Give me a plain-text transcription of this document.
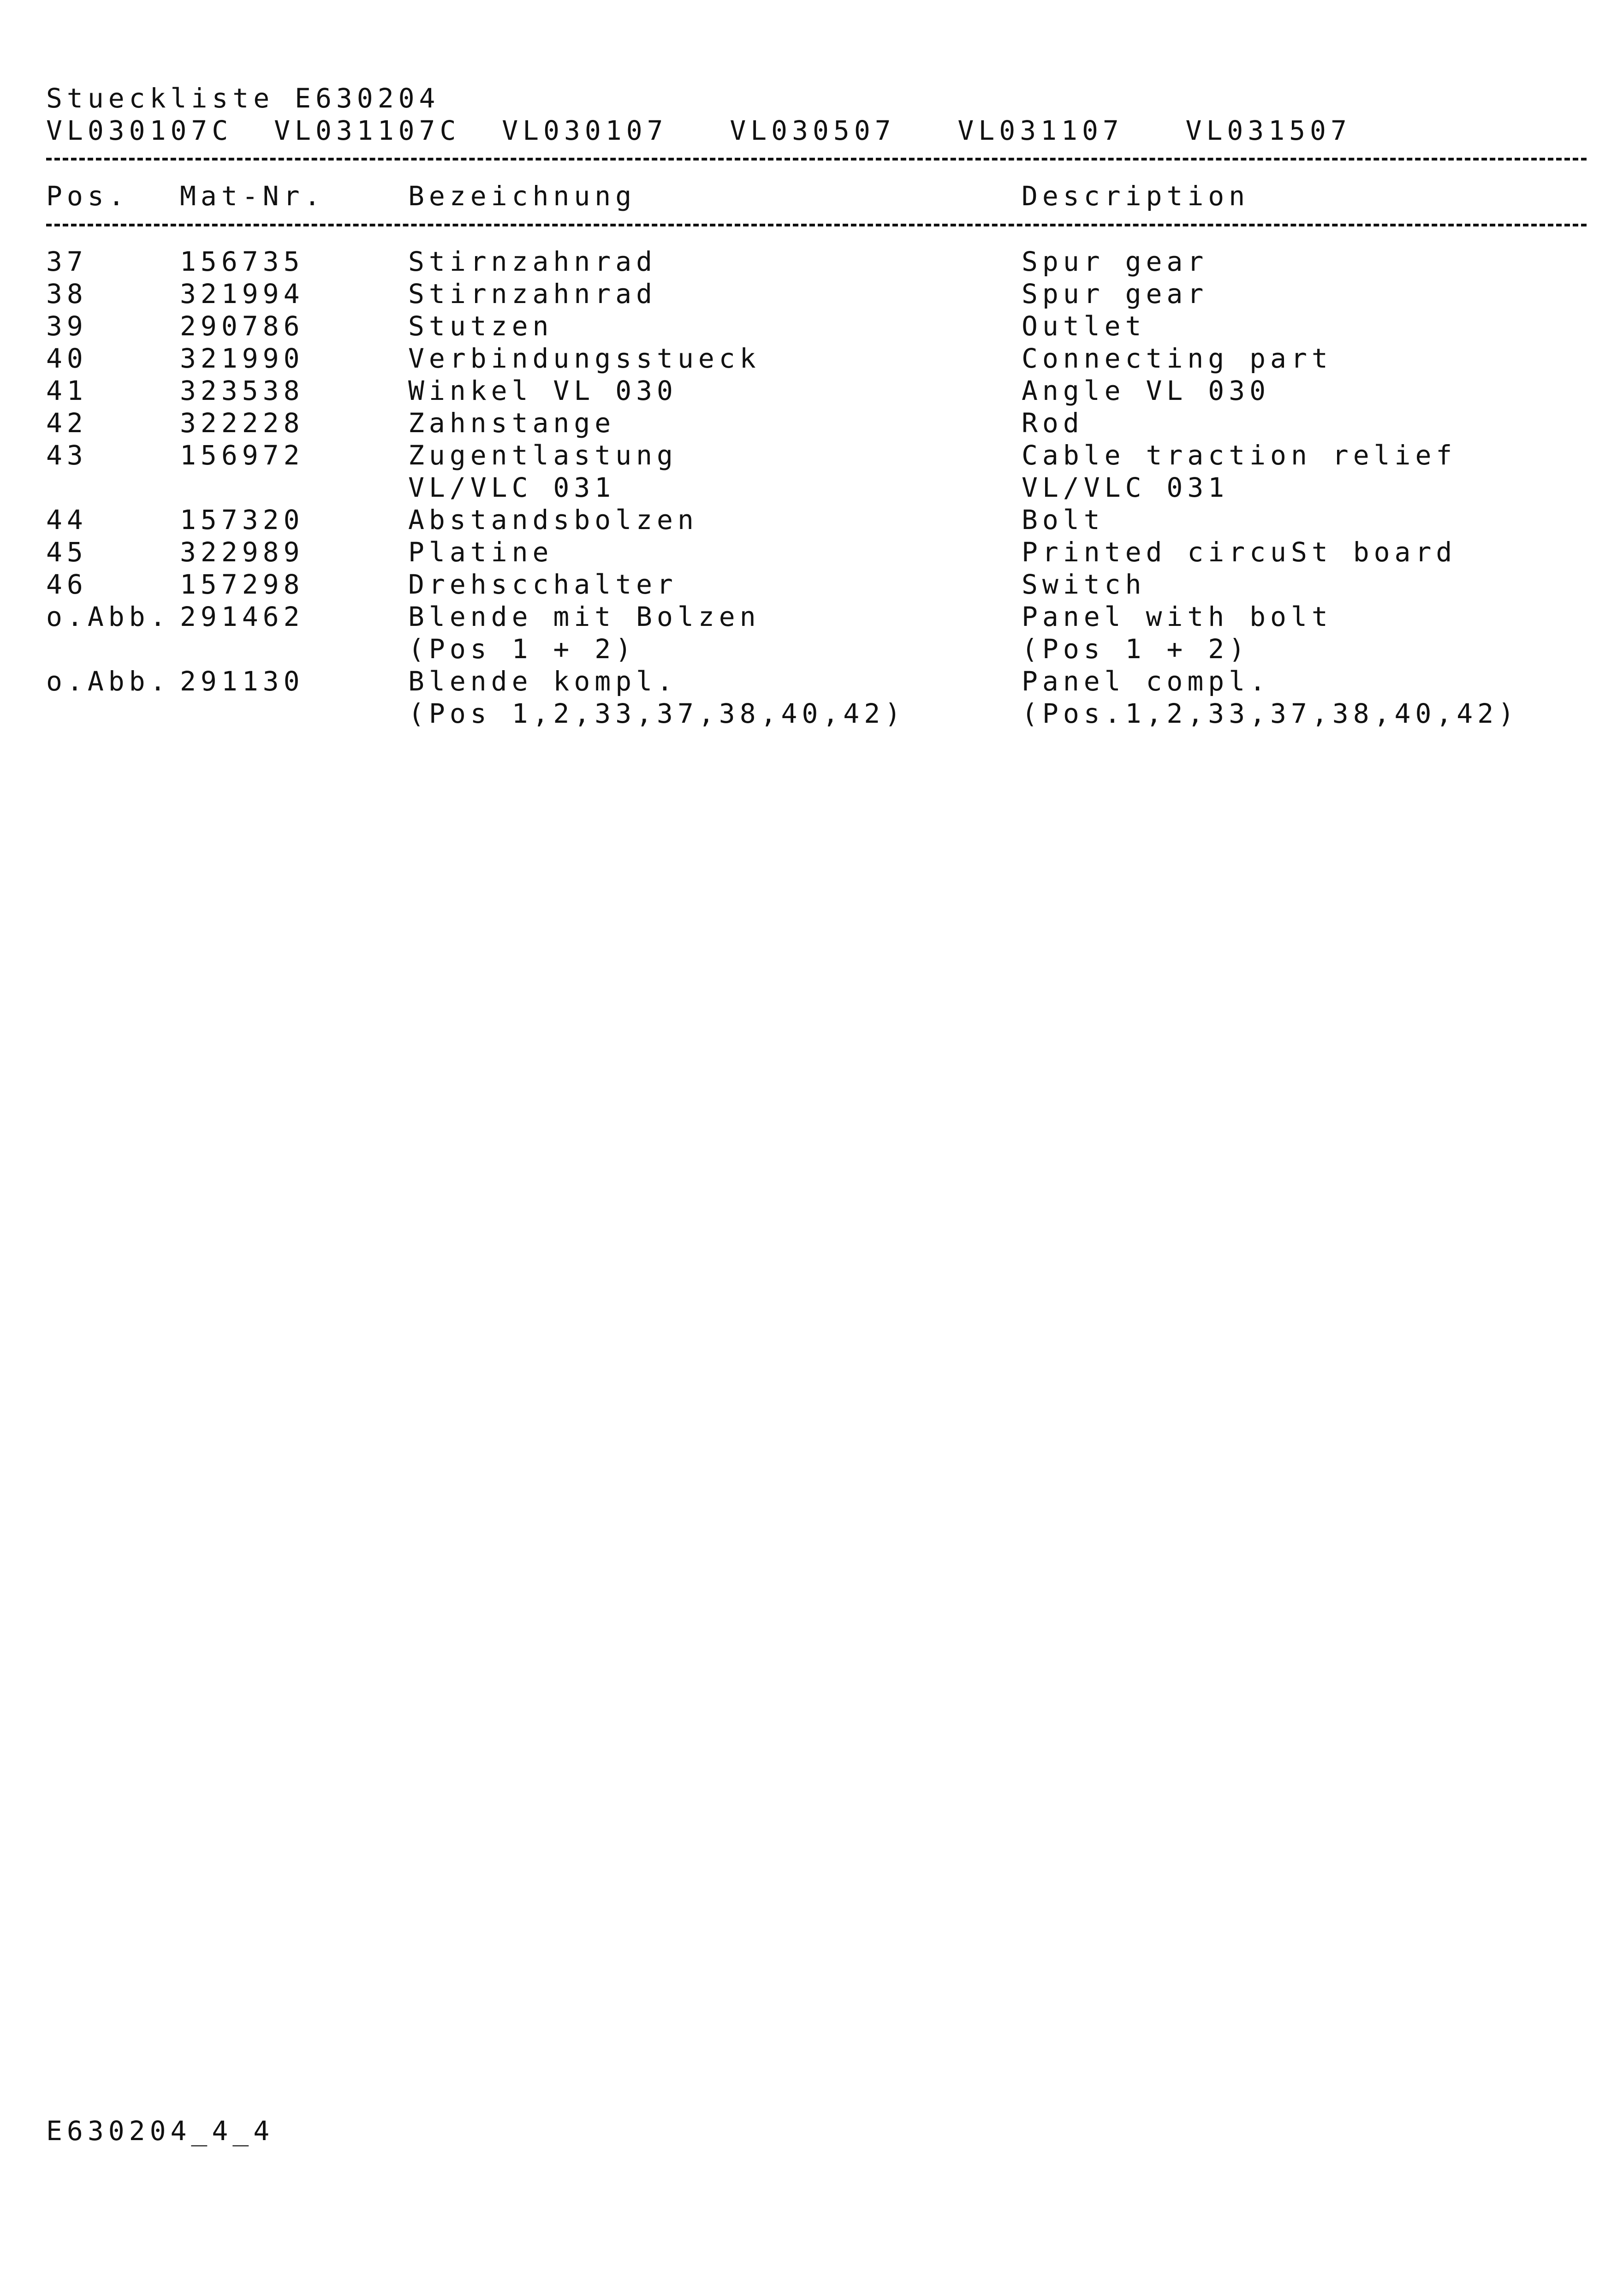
Stueckliste E630204
VL030107C  VL031107C  VL030107   VL030507   VL031107   VL031507
Pos. Mat-Nr.	Bezeichnung	Description
37	156735	Stirnzahnrad	Spur gear
38	321994	Stirnzahnrad	Spur gear
39	290786	Stutzen	Outlet
40	321990	Verbindungsstueck	Connecting part
41	323538	Winkel VL 030	Angle VL 030
42	322228	Zahnstange	Rod
43	156972	Zugentlastung	Cable traction relief
VL/VLC 031	VL/VLC 031
44	157320	Abstandsbolzen	Bolt
45	322989	Platine	Printed circuSt board
46	157298	Drehscchalter	Switch
o.Abb. 291462	Blende mit Bolzen	Panel with bolt
(Pos 1 + 2)	(Pos 1 + 2)
o.Abb. 291130	Blende kompl.	Panel compl.
(Pos 1,2,33,37,38,40,42)	(Pos.1,2,33,37,38,40,42)
E630204_4_4
